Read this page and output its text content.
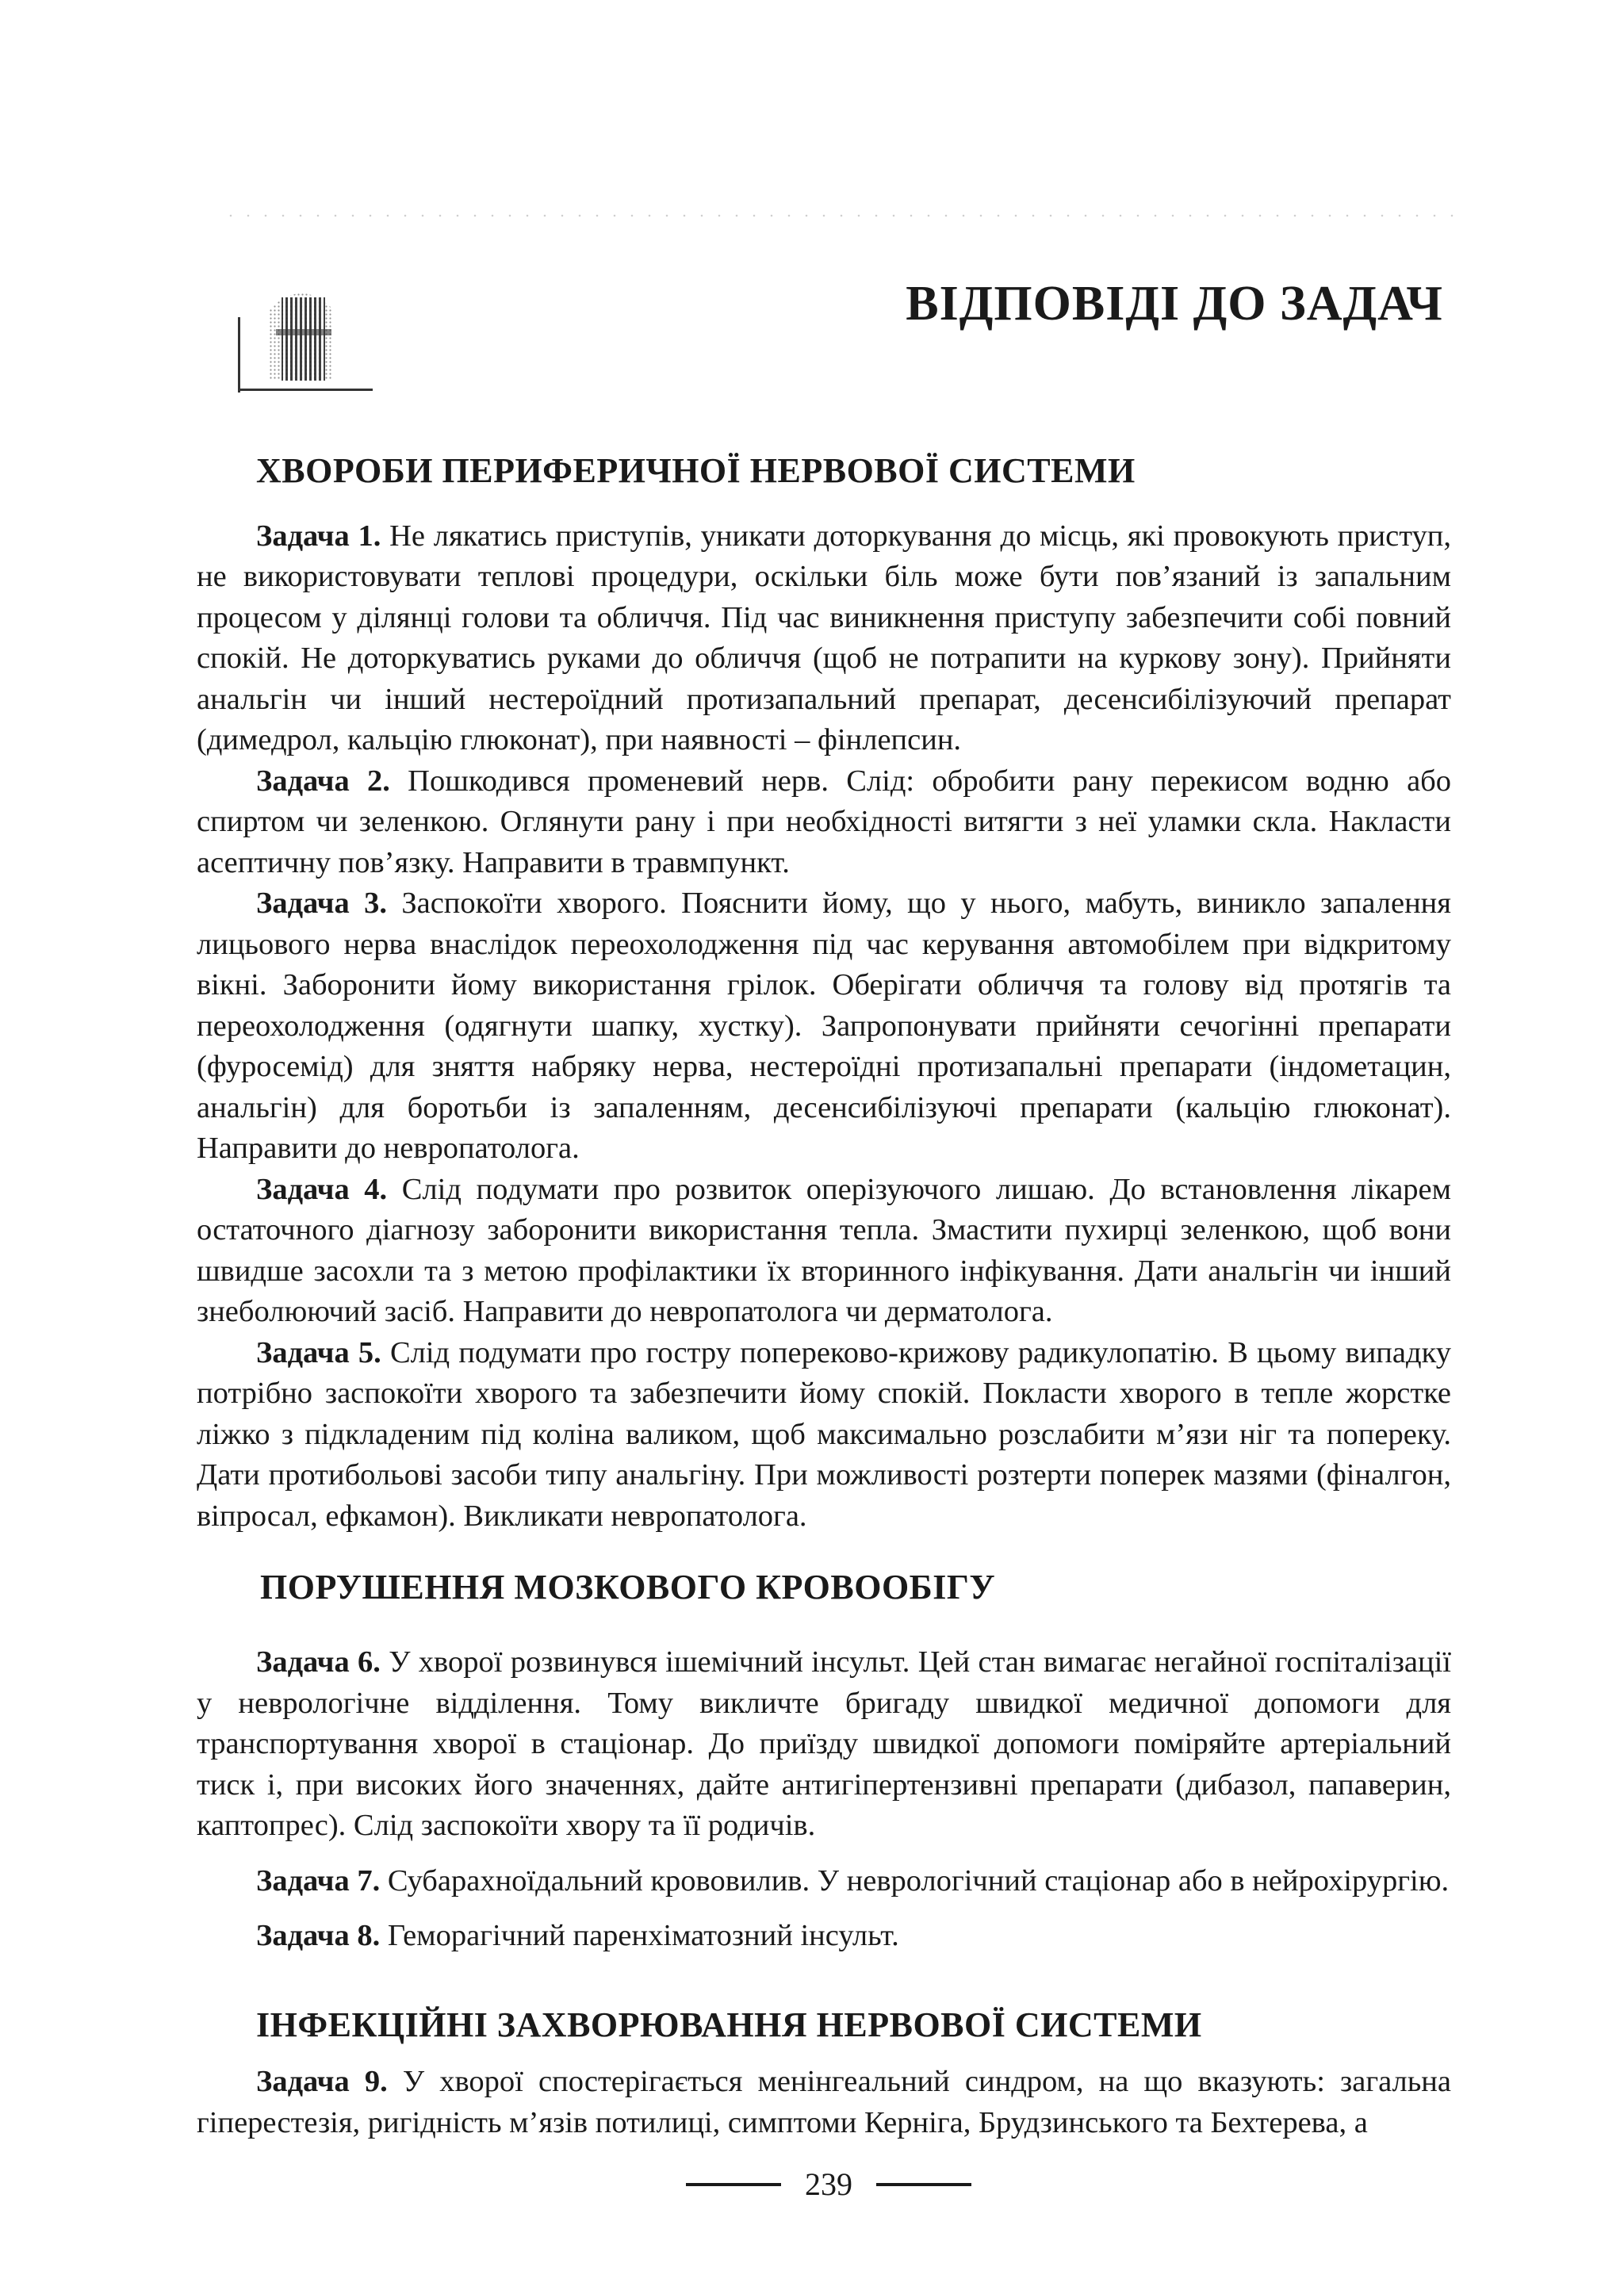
ВІДПОВІДІ ДО ЗАДАЧ
ХВОРОБИ ПЕРИФЕРИЧНОЇ НЕРВОВОЇ СИСТЕМИ

Задача 1. Не лякатись приступів, уникати доторкування до місць, які провокують приступ, не використовувати теплові процедури, оскільки біль може бути пов’язаний із запальним процесом у ділянці голови та обличчя. Під час виникнення приступу забезпечити собі повний спокій. Не доторкуватись руками до обличчя (щоб не потрапити на куркову зону). Прийняти анальгін чи інший нестероїдний протизапальний препарат, десенсибілізуючий препарат (димедрол, кальцію глюконат), при наявності – фінлепсин.

Задача 2. Пошкодився променевий нерв. Слід: обробити рану перекисом водню або спиртом чи зеленкою. Оглянути рану і при необхідності витягти з неї уламки скла. Накласти асептичну пов’язку. Направити в травмпункт.

Задача 3. Заспокоїти хворого. Пояснити йому, що у нього, мабуть, виникло запалення лицьового нерва внаслідок переохолодження під час керування автомобілем при відкритому вікні. Заборонити йому використання грілок. Оберігати обличчя та голову від протягів та переохолодження (одягнути шапку, хустку). Запропонувати прийняти сечогінні препарати (фуросемід) для зняття набряку нерва, нестероїдні протизапальні препарати (індометацин, анальгін) для боротьби із запаленням, десенсибілізуючі препарати (кальцію глюконат). Направити до невропатолога.

Задача 4. Слід подумати про розвиток оперізуючого лишаю. До встановлення лікарем остаточного діагнозу заборонити використання тепла. Змастити пухирці зеленкою, щоб вони швидше засохли та з метою профілактики їх вторинного інфікування. Дати анальгін чи інший знеболюючий засіб. Направити до невропатолога чи дерматолога.

Задача 5. Слід подумати про гостру попереково-крижову радикулопатію. В цьому випадку потрібно заспокоїти хворого та забезпечити йому спокій. Покласти хворого в тепле жорстке ліжко з підкладеним під коліна валиком, щоб максимально розслабити м’язи ніг та попереку. Дати протибольові засоби типу анальгіну. При можливості розтерти поперек мазями (фіналгон, віпросал, ефкамон). Викликати невропатолога.

ПОРУШЕННЯ МОЗКОВОГО КРОВООБІГУ

Задача 6. У хворої розвинувся ішемічний інсульт. Цей стан вимагає негайної госпіталізації у неврологічне відділення. Тому викличте бригаду швидкої медичної допомоги для транспортування хворої в стаціонар. До приїзду швидкої допомоги поміряйте артеріальний тиск і, при високих його значеннях, дайте антигіпертензивні препарати (дибазол, папаверин, каптопрес). Слід заспокоїти хвору та її родичів.

Задача 7. Субарахноїдальний крововилив. У неврологічний стаціонар або в нейрохірургію.

Задача 8. Геморагічний паренхіматозний інсульт.

ІНФЕКЦІЙНІ ЗАХВОРЮВАННЯ НЕРВОВОЇ СИСТЕМИ

Задача 9. У хворої спостерігається менінгеальний синдром, на що вказують: загальна гіперестезія, ригідність м’язів потилиці, симптоми Керніга, Брудзинського та Бехтерева, а

239
